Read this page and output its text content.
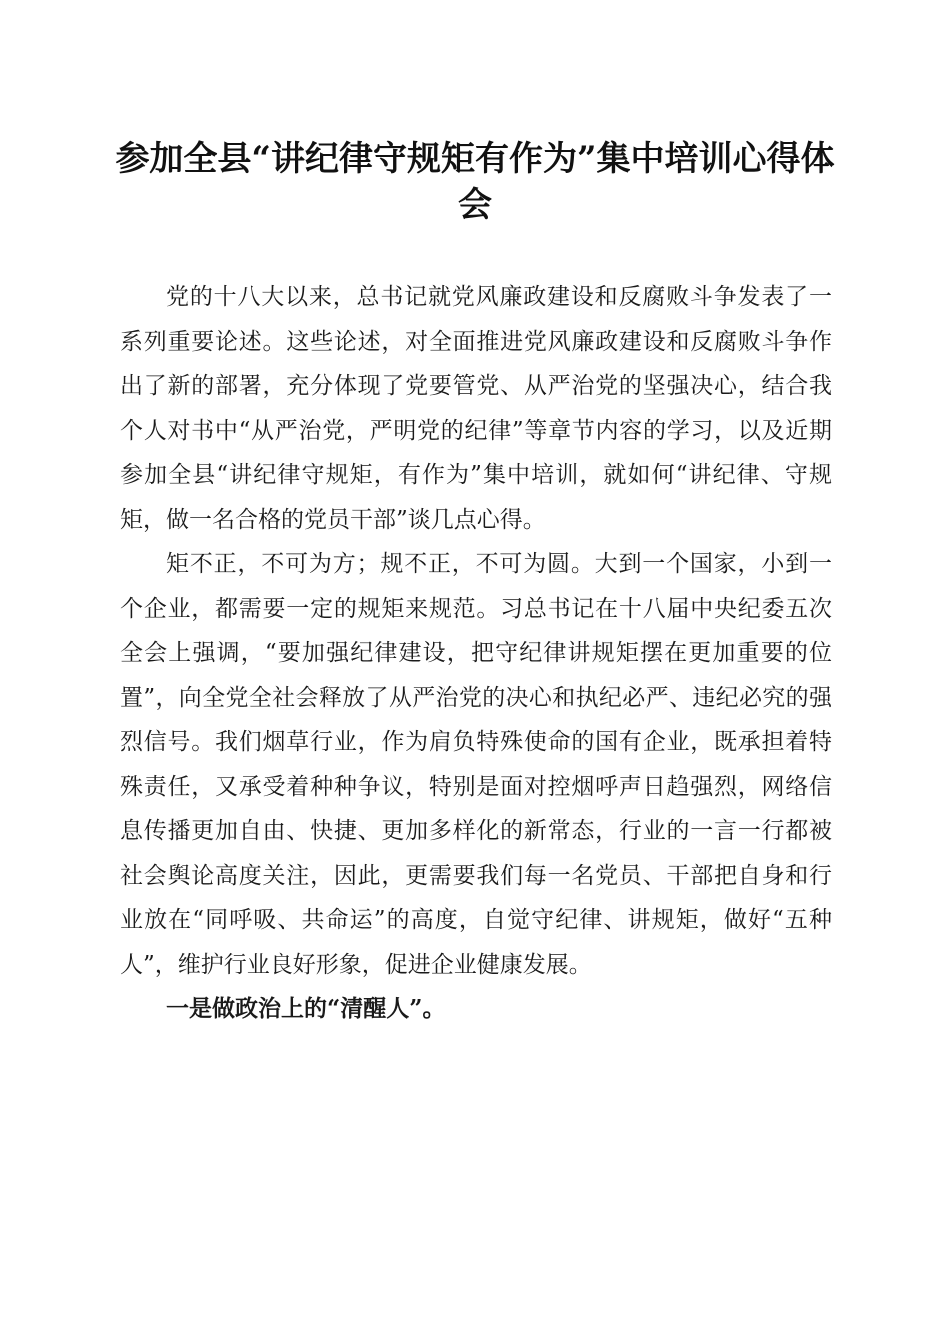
参加全县“讲纪律守规矩有作为”集中培训心得体会

党的十八大以来，总书记就党风廉政建设和反腐败斗争发表了一系列重要论述。这些论述，对全面推进党风廉政建设和反腐败斗争作出了新的部署，充分体现了党要管党、从严治党的坚强决心，结合我个人对书中“从严治党，严明党的纪律”等章节内容的学习，以及近期参加全县“讲纪律守规矩，有作为”集中培训，就如何“讲纪律、守规矩，做一名合格的党员干部”谈几点心得。

矩不正，不可为方；规不正，不可为圆。大到一个国家，小到一个企业，都需要一定的规矩来规范。习总书记在十八届中央纪委五次全会上强调，“要加强纪律建设，把守纪律讲规矩摆在更加重要的位置”，向全党全社会释放了从严治党的决心和执纪必严、违纪必究的强烈信号。我们烟草行业，作为肩负特殊使命的国有企业，既承担着特殊责任，又承受着种种争议，特别是面对控烟呼声日趋强烈，网络信息传播更加自由、快捷、更加多样化的新常态，行业的一言一行都被社会舆论高度关注，因此，更需要我们每一名党员、干部把自身和行业放在“同呼吸、共命运”的高度，自觉守纪律、讲规矩，做好“五种人”，维护行业良好形象，促进企业健康发展。

一是做政治上的“清醒人”。
